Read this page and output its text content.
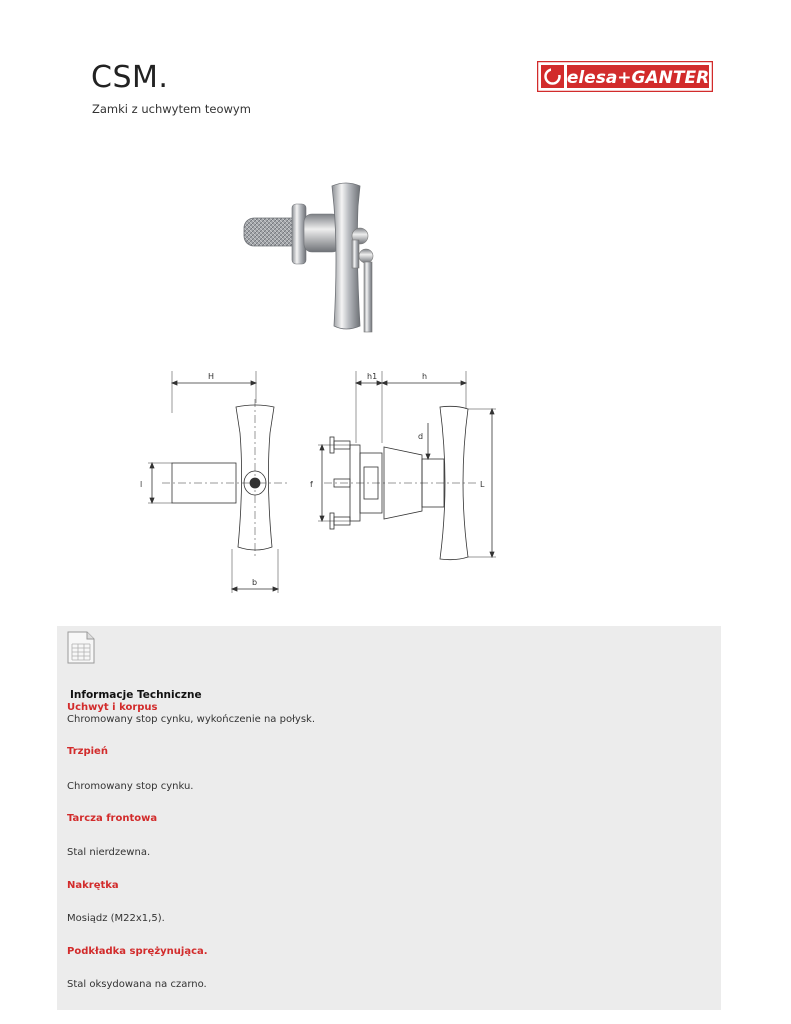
CSM.
Zamki z uchwytem teowym
elesa+GANTER
H
l
b
h1	h
f
d
L
Informacje Techniczne
Uchwyt i korpus
Chromowany stop cynku, wykończenie na połysk.
Trzpień
Chromowany stop cynku.
Tarcza frontowa
Stal nierdzewna.
Nakrętka
Mosiądz (M22x1,5).
Podkładka sprężynująca.
Stal oksydowana na czarno.
